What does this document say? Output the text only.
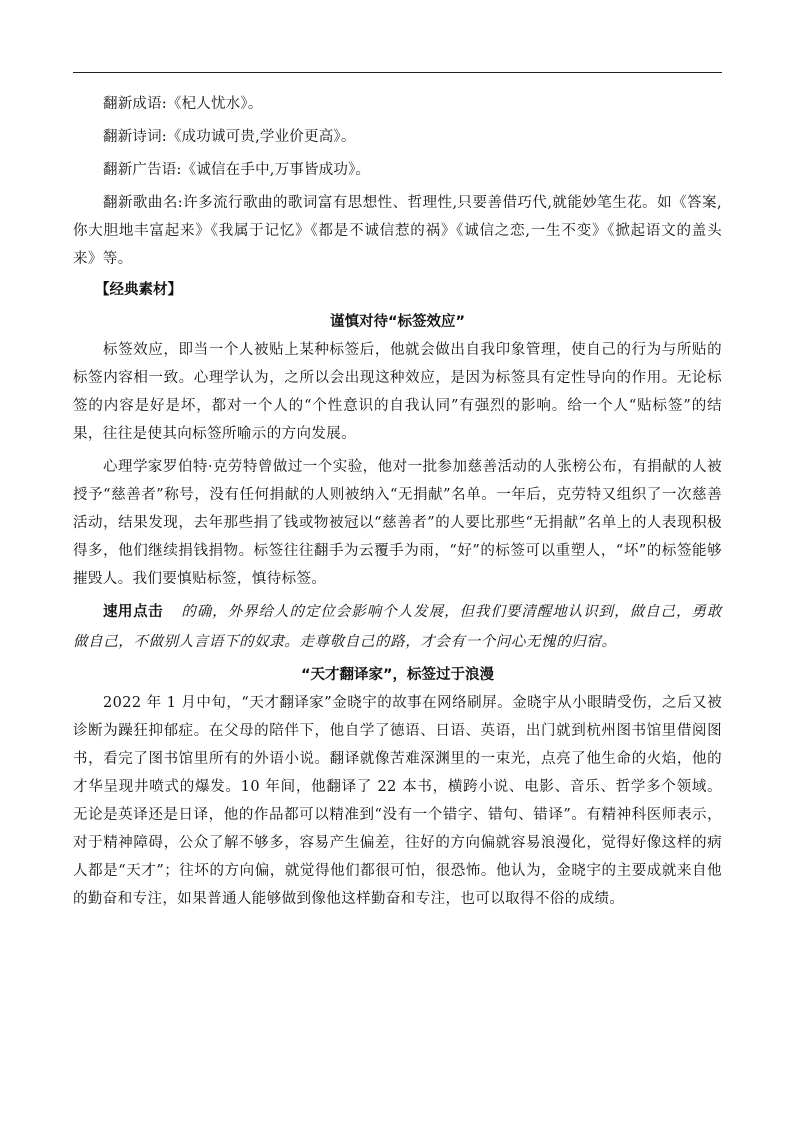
翻新成语:《杞人忧水》。
翻新诗词:《成功诚可贵,学业价更高》。
翻新广告语:《诚信在手中,万事皆成功》。

翻新歌曲名:许多流行歌曲的歌词富有思想性、哲理性,只要善借巧代,就能妙笔生花。如《答案,你大胆地丰富起来》《我属于记忆》《都是不诚信惹的祸》《诚信之恋,一生不变》《掀起语文的盖头来》等。

【经典素材】
谨慎对待“标签效应”

标签效应，即当一个人被贴上某种标签后，他就会做出自我印象管理，使自己的行为与所贴的标签内容相一致。心理学认为，之所以会出现这种效应，是因为标签具有定性导向的作用。无论标签的内容是好是坏，都对一个人的“个性意识的自我认同”有强烈的影响。给一个人“贴标签”的结果，往往是使其向标签所喻示的方向发展。

心理学家罗伯特·克劳特曾做过一个实验，他对一批参加慈善活动的人张榜公布，有捐献的人被授予“慈善者”称号，没有任何捐献的人则被纳入“无捐献”名单。一年后，克劳特又组织了一次慈善活动，结果发现，去年那些捐了钱或物被冠以“慈善者”的人要比那些“无捐献”名单上的人表现积极得多，他们继续捐钱捐物。标签往往翻手为云覆手为雨，“好”的标签可以重塑人，“坏”的标签能够摧毁人。我们要慎贴标签，慎待标签。

速用点击 的确，外界给人的定位会影响个人发展，但我们要清醒地认识到，做自己，勇敢做自己，不做别人言语下的奴隶。走尊敬自己的路，才会有一个问心无愧的归宿。

“天才翻译家”，标签过于浪漫

2022 年 1 月中旬，“天才翻译家”金晓宇的故事在网络刷屏。金晓宇从小眼睛受伤，之后又被诊断为躁狂抑郁症。在父母的陪伴下，他自学了德语、日语、英语，出门就到杭州图书馆里借阅图书，看完了图书馆里所有的外语小说。翻译就像苦难深渊里的一束光，点亮了他生命的火焰，他的才华呈现井喷式的爆发。10 年间，他翻译了 22 本书，横跨小说、电影、音乐、哲学多个领域。无论是英译还是日译，他的作品都可以精准到“没有一个错字、错句、错译”。有精神科医师表示，对于精神障碍，公众了解不够多，容易产生偏差，往好的方向偏就容易浪漫化，觉得好像这样的病人都是“天才”；往坏的方向偏，就觉得他们都很可怕，很恐怖。他认为，金晓宇的主要成就来自他的勤奋和专注，如果普通人能够做到像他这样勤奋和专注，也可以取得不俗的成绩。
